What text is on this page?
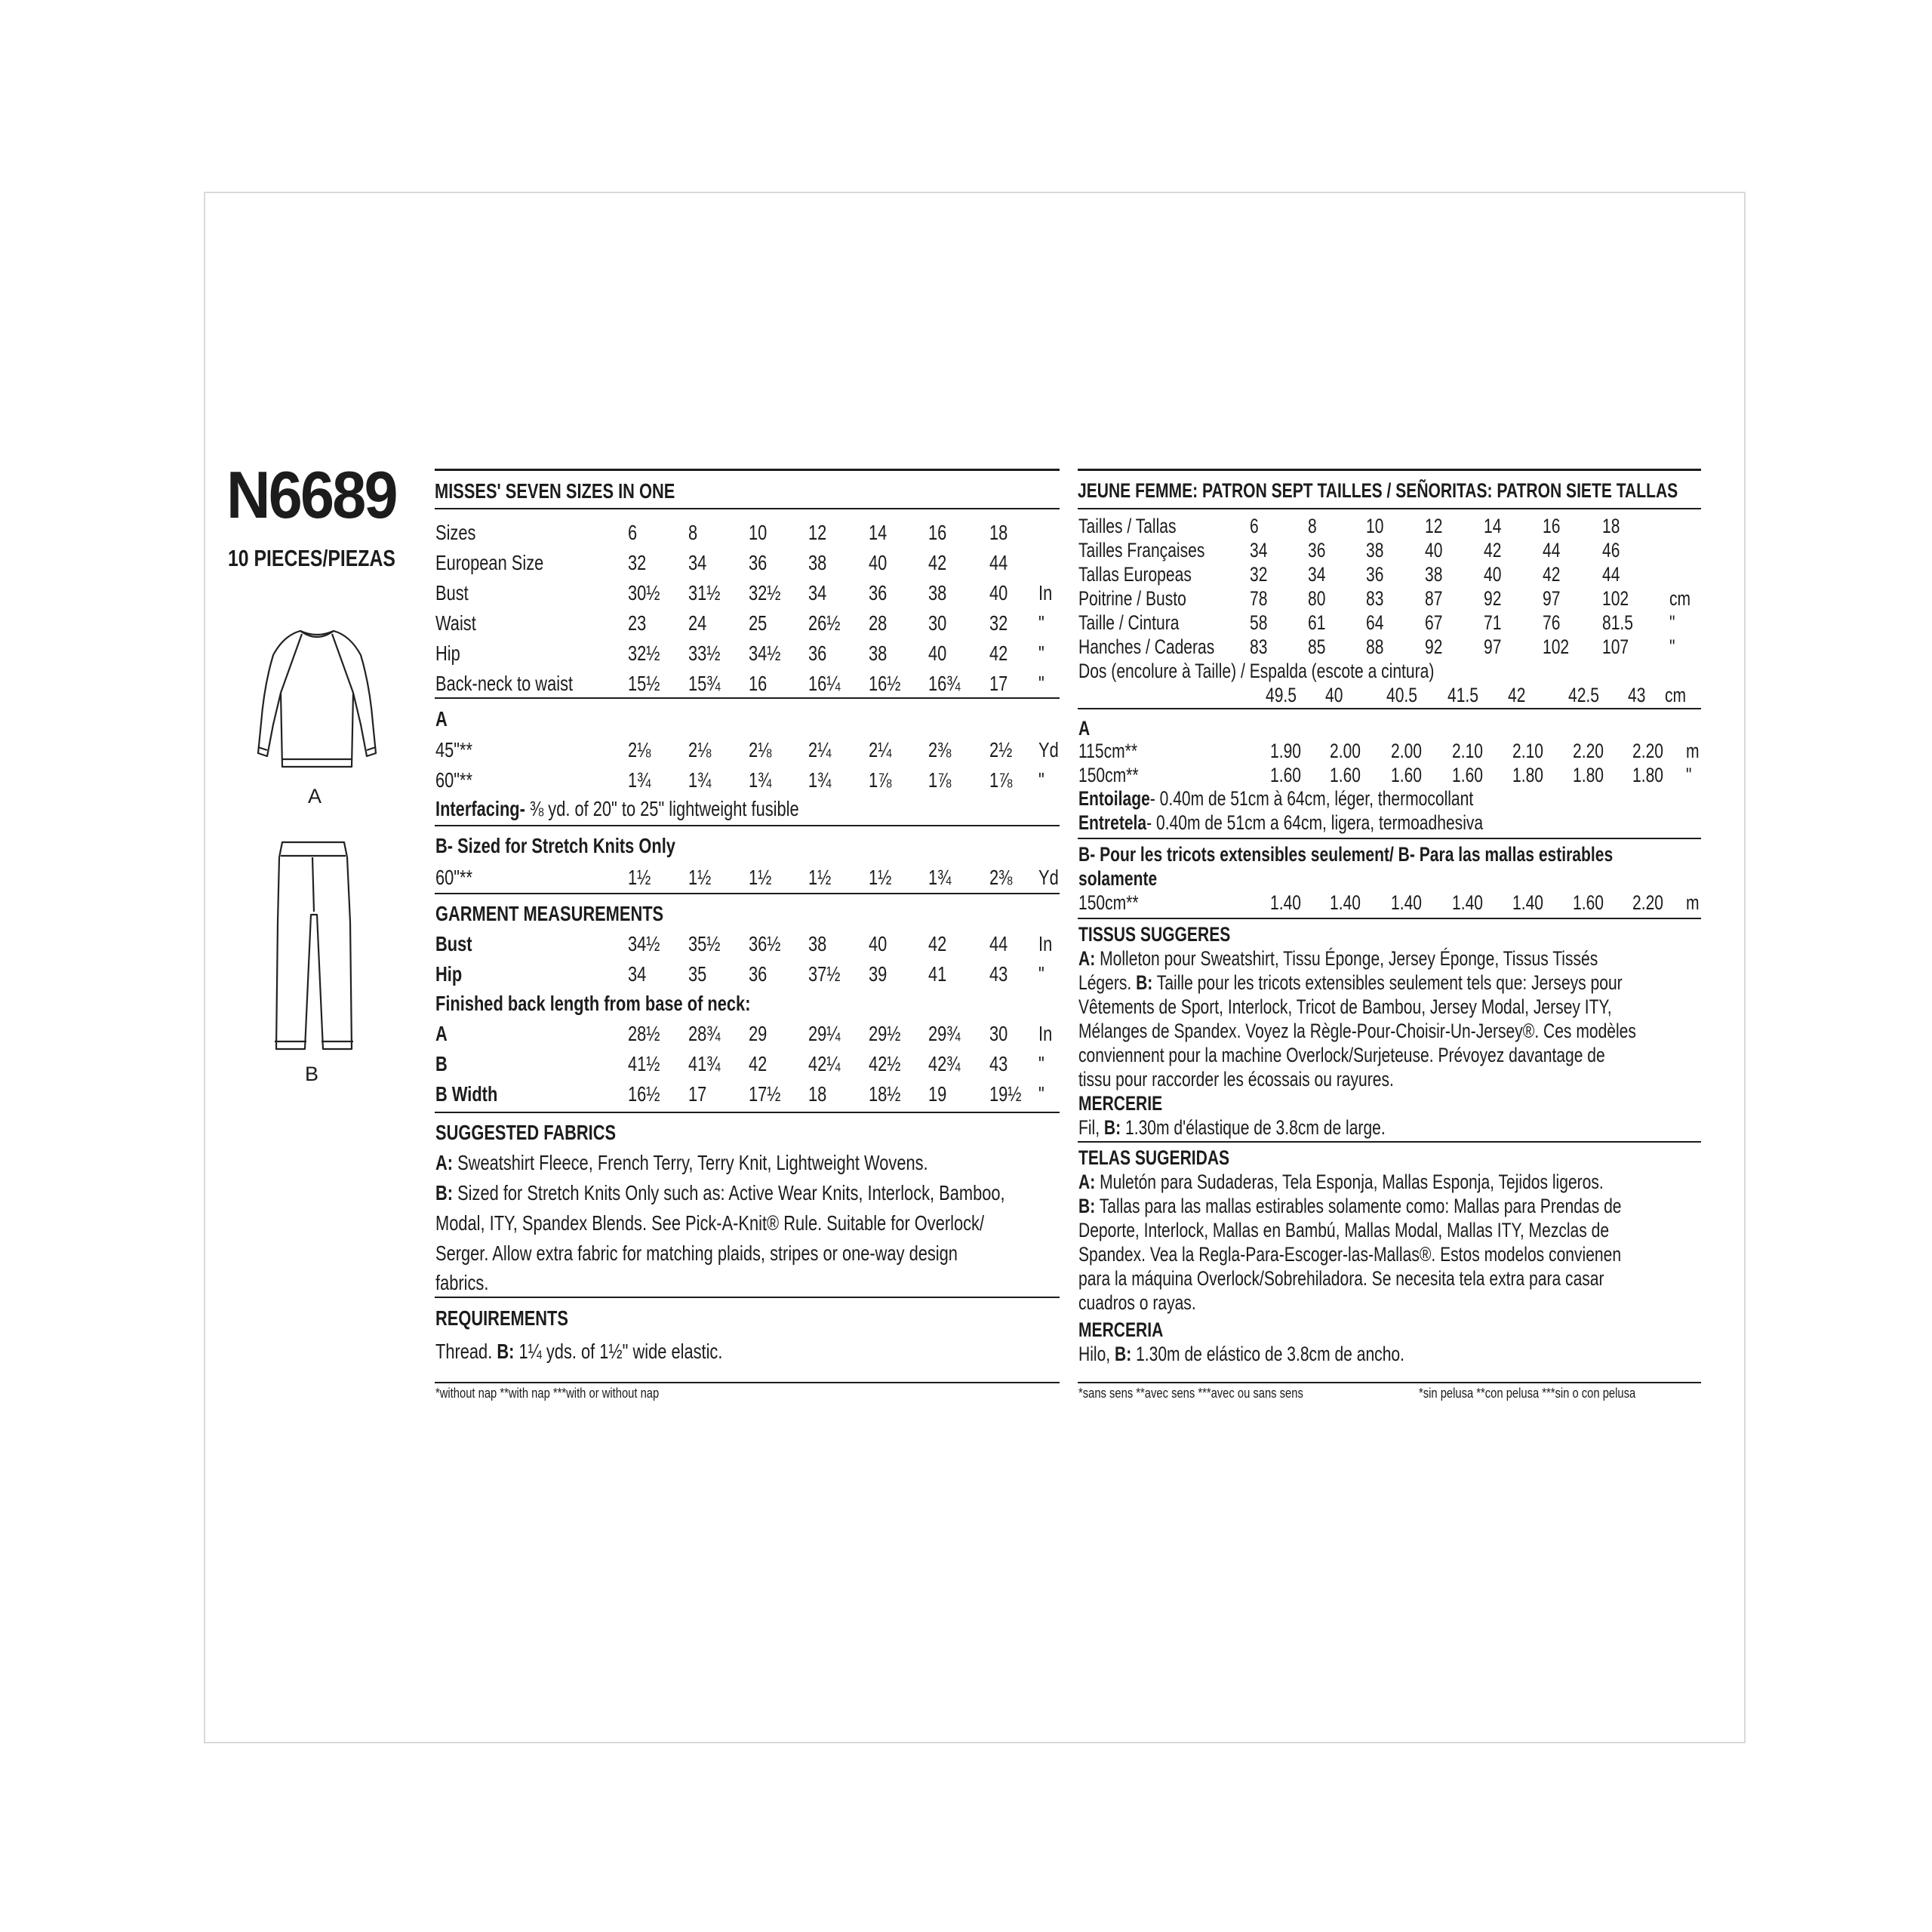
N6689
10 PIECES/PIEZAS
A
B
MISSES' SEVEN SIZES IN ONE
Sizes	6 8 10 12 14 16 18
European Size	32 34 36 38 40 42 44
Bust	30½ 31½ 32½ 34 36 38 40 In
Waist	23 24 25 26½ 28 30 32 "
Hip	32½ 33½ 34½ 36 38 40 42 "
Back-neck to waist	15½ 15¾ 16 16¼ 16½ 16¾ 17 "
A
45"**	2⅛ 2⅛ 2⅛ 2¼ 2¼ 2⅜ 2½ Yd
60"**	1¾ 1¾ 1¾ 1¾ 1⅞ 1⅞ 1⅞ "
Interfacing- ⅜ yd. of 20" to 25" lightweight fusible
B- Sized for Stretch Knits Only
60"**	1½ 1½ 1½ 1½ 1½ 1¾ 2⅜ Yd
GARMENT MEASUREMENTS
Bust	34½ 35½ 36½ 38 40 42 44 In
Hip	34 35 36 37½ 39 41 43 "
Finished back length from base of neck:
A	28½ 28¾ 29 29¼ 29½ 29¾ 30 In
B	41½ 41¾ 42 42¼ 42½ 42¾ 43 "
B Width	16½ 17 17½ 18 18½ 19 19½ "
SUGGESTED FABRICS
A: Sweatshirt Fleece, French Terry, Terry Knit, Lightweight Wovens.
B: Sized for Stretch Knits Only such as: Active Wear Knits, Interlock, Bamboo,
Modal, ITY, Spandex Blends. See Pick-A-Knit® Rule. Suitable for Overlock/
Serger. Allow extra fabric for matching plaids, stripes or one-way design
fabrics.
REQUIREMENTS
Thread. B: 1¼ yds. of 1½" wide elastic.
*without nap **with nap ***with or without nap
JEUNE FEMME: PATRON SEPT TAILLES / SEÑORITAS: PATRON SIETE TALLAS
Tailles / Tallas	6 8 10 12 14 16 18
Tailles Françaises 34 36 38 40 42 44 46
Tallas Europeas	32 34 36 38 40 42 44
Poitrine / Busto	78 80 83 87 92 97 102 cm
Taille / Cintura	58 61 64 67 71 76 81.5 "
Hanches / Caderas 83 85 88 92 97 102 107 "
Dos (encolure à Taille) / Espalda (escote a cintura)
49.5 40 40.5 41.5 42 42.5 43 cm
A
115cm**	1.90 2.00 2.00 2.10 2.10 2.20 2.20 m
150cm**	1.60 1.60 1.60 1.60 1.80 1.80 1.80 "
Entoilage- 0.40m de 51cm à 64cm, léger, thermocollant
Entretela- 0.40m de 51cm a 64cm, ligera, termoadhesiva
B- Pour les tricots extensibles seulement/ B- Para las mallas estirables
solamente
150cm**	1.40 1.40 1.40 1.40 1.40 1.60 2.20 m
TISSUS SUGGERES
A: Molleton pour Sweatshirt, Tissu Éponge, Jersey Éponge, Tissus Tissés
Légers. B: Taille pour les tricots extensibles seulement tels que: Jerseys pour
Vêtements de Sport, Interlock, Tricot de Bambou, Jersey Modal, Jersey ITY,
Mélanges de Spandex. Voyez la Règle-Pour-Choisir-Un-Jersey®. Ces modèles
conviennent pour la machine Overlock/Surjeteuse. Prévoyez davantage de
tissu pour raccorder les écossais ou rayures.
MERCERIE
Fil, B: 1.30m d'élastique de 3.8cm de large.
TELAS SUGERIDAS
A: Muletón para Sudaderas, Tela Esponja, Mallas Esponja, Tejidos ligeros.
B: Tallas para las mallas estirables solamente como: Mallas para Prendas de
Deporte, Interlock, Mallas en Bambú, Mallas Modal, Mallas ITY, Mezclas de
Spandex. Vea la Regla-Para-Escoger-las-Mallas®. Estos modelos convienen
para la máquina Overlock/Sobrehiladora. Se necesita tela extra para casar
cuadros o rayas.
MERCERIA
Hilo, B: 1.30m de elástico de 3.8cm de ancho.
*sans sens **avec sens ***avec ou sans sens	*sin pelusa **con pelusa ***sin o con pelusa
